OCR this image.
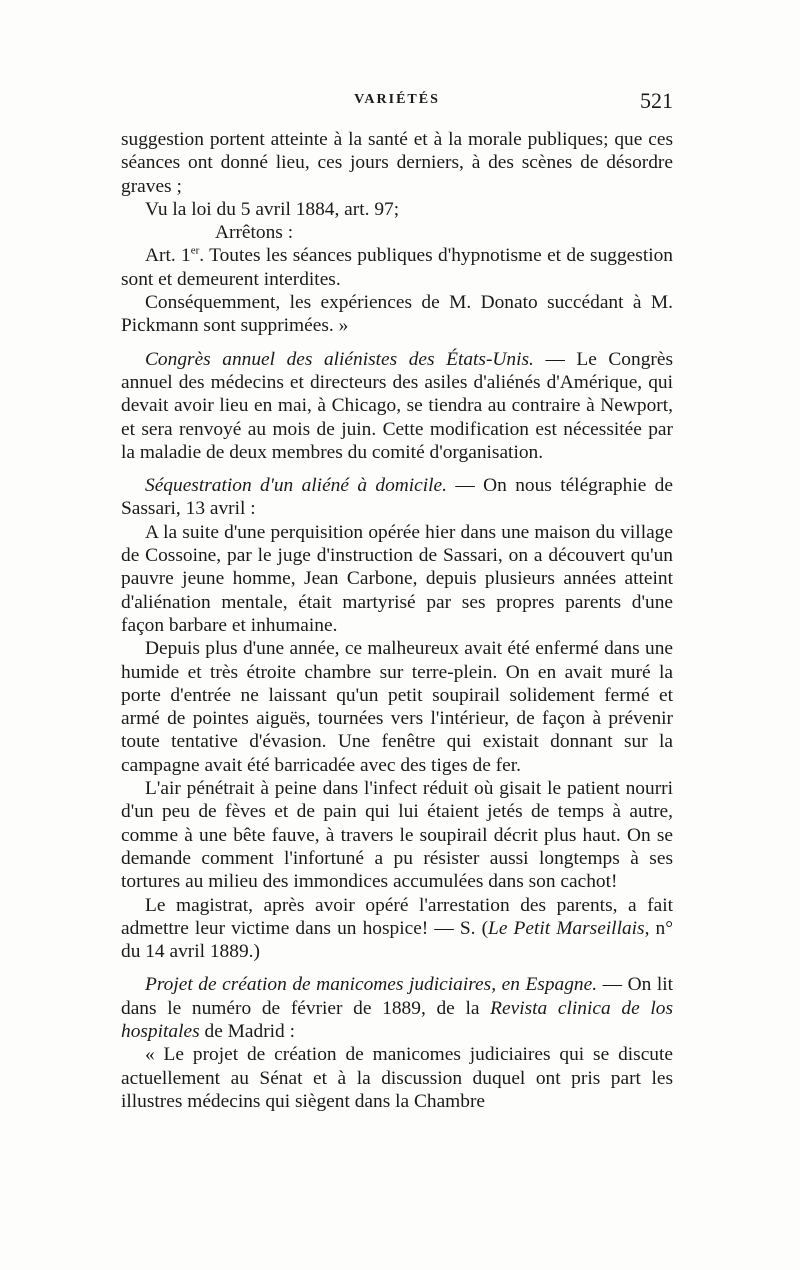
VARIÉTÉS	521

suggestion portent atteinte à la santé et à la morale publiques; que ces séances ont donné lieu, ces jours derniers, à des scènes de désordre graves ;

Vu la loi du 5 avril 1884, art. 97;

Arrêtons :

Art. 1er. Toutes les séances publiques d'hypnotisme et de suggestion sont et demeurent interdites.

Conséquemment, les expériences de M. Donato succédant à M. Pickmann sont supprimées. »

Congrès annuel des aliénistes des États-Unis. — Le Congrès annuel des médecins et directeurs des asiles d'aliénés d'Amérique, qui devait avoir lieu en mai, à Chicago, se tiendra au contraire à Newport, et sera renvoyé au mois de juin. Cette modification est nécessitée par la maladie de deux membres du comité d'organisation.

Séquestration d'un aliéné à domicile. — On nous télégraphie de Sassari, 13 avril :

A la suite d'une perquisition opérée hier dans une maison du village de Cossoine, par le juge d'instruction de Sassari, on a découvert qu'un pauvre jeune homme, Jean Carbone, depuis plusieurs années atteint d'aliénation mentale, était martyrisé par ses propres parents d'une façon barbare et inhumaine.

Depuis plus d'une année, ce malheureux avait été enfermé dans une humide et très étroite chambre sur terre-plein. On en avait muré la porte d'entrée ne laissant qu'un petit soupirail solidement fermé et armé de pointes aiguës, tournées vers l'intérieur, de façon à prévenir toute tentative d'évasion. Une fenêtre qui existait donnant sur la campagne avait été barricadée avec des tiges de fer.

L'air pénétrait à peine dans l'infect réduit où gisait le patient nourri d'un peu de fèves et de pain qui lui étaient jetés de temps à autre, comme à une bête fauve, à travers le soupirail décrit plus haut. On se demande comment l'infortuné a pu résister aussi longtemps à ses tortures au milieu des immondices accumulées dans son cachot!

Le magistrat, après avoir opéré l'arrestation des parents, a fait admettre leur victime dans un hospice! — S. (Le Petit Marseillais, n° du 14 avril 1889.)

Projet de création de manicomes judiciaires, en Espagne. — On lit dans le numéro de février de 1889, de la Revista clinica de los hospitales de Madrid :

« Le projet de création de manicomes judiciaires qui se discute actuellement au Sénat et à la discussion duquel ont pris part les illustres médecins qui siègent dans la Chambre
